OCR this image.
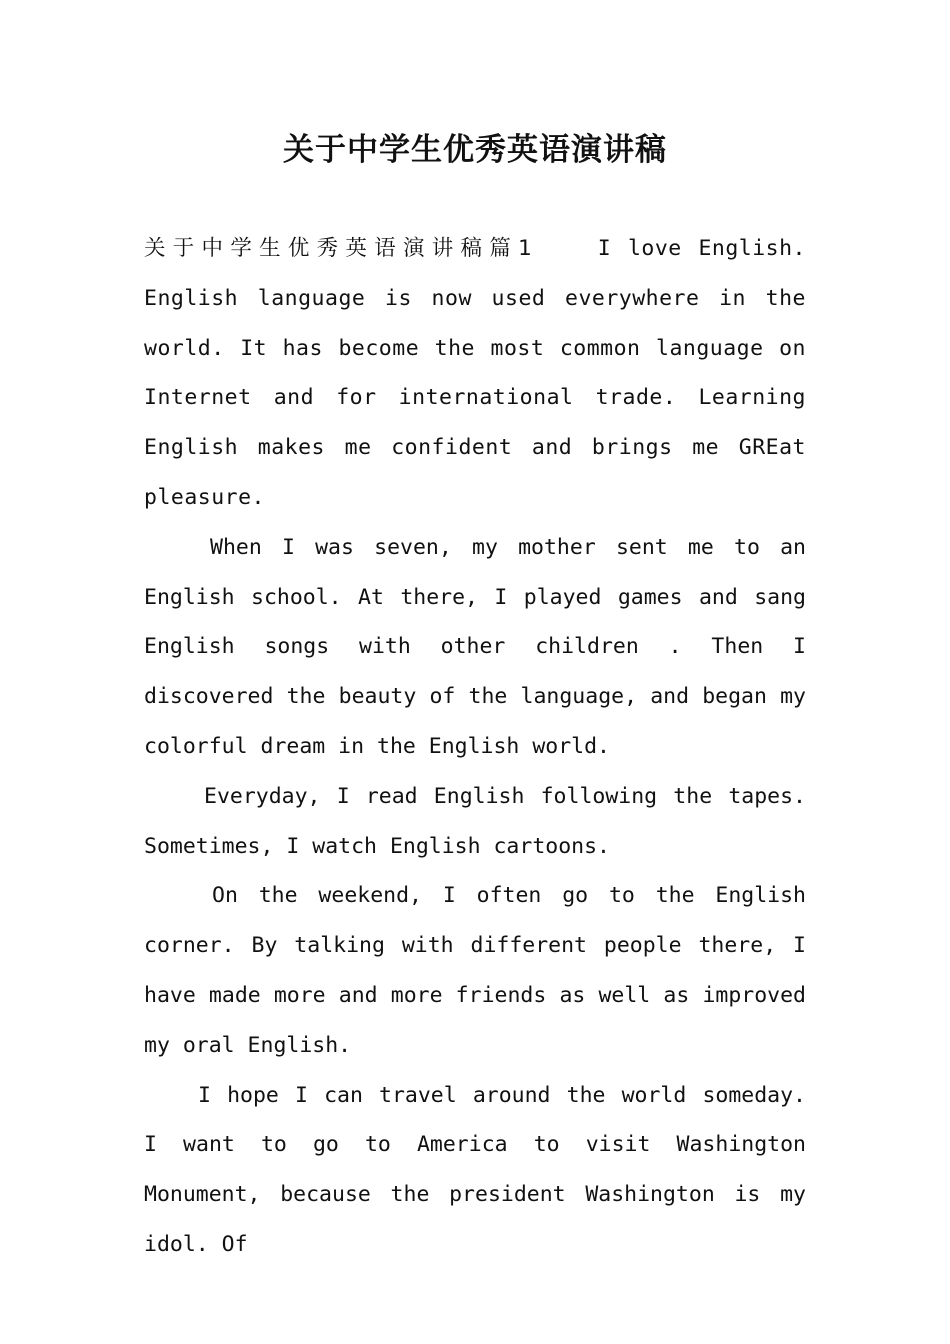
关于中学生优秀英语演讲稿

关于中学生优秀英语演讲稿篇1	I love English. English language is now used everywhere in the world. It has become the most common language on Internet and for international trade. Learning English makes me confident and brings me GREat pleasure.

When I was seven, my mother sent me to an English school. At there, I played games and sang English songs with other children . Then I discovered the beauty of the language, and began my colorful dream in the English world.

Everyday, I read English following the tapes. Sometimes, I watch English cartoons.

On the weekend, I often go to the English corner. By talking with different people there, I have made more and more friends as well as improved my oral English.

I hope I can travel around the world someday. I want to go to America to visit Washington Monument, because the president Washington is my idol. Of
